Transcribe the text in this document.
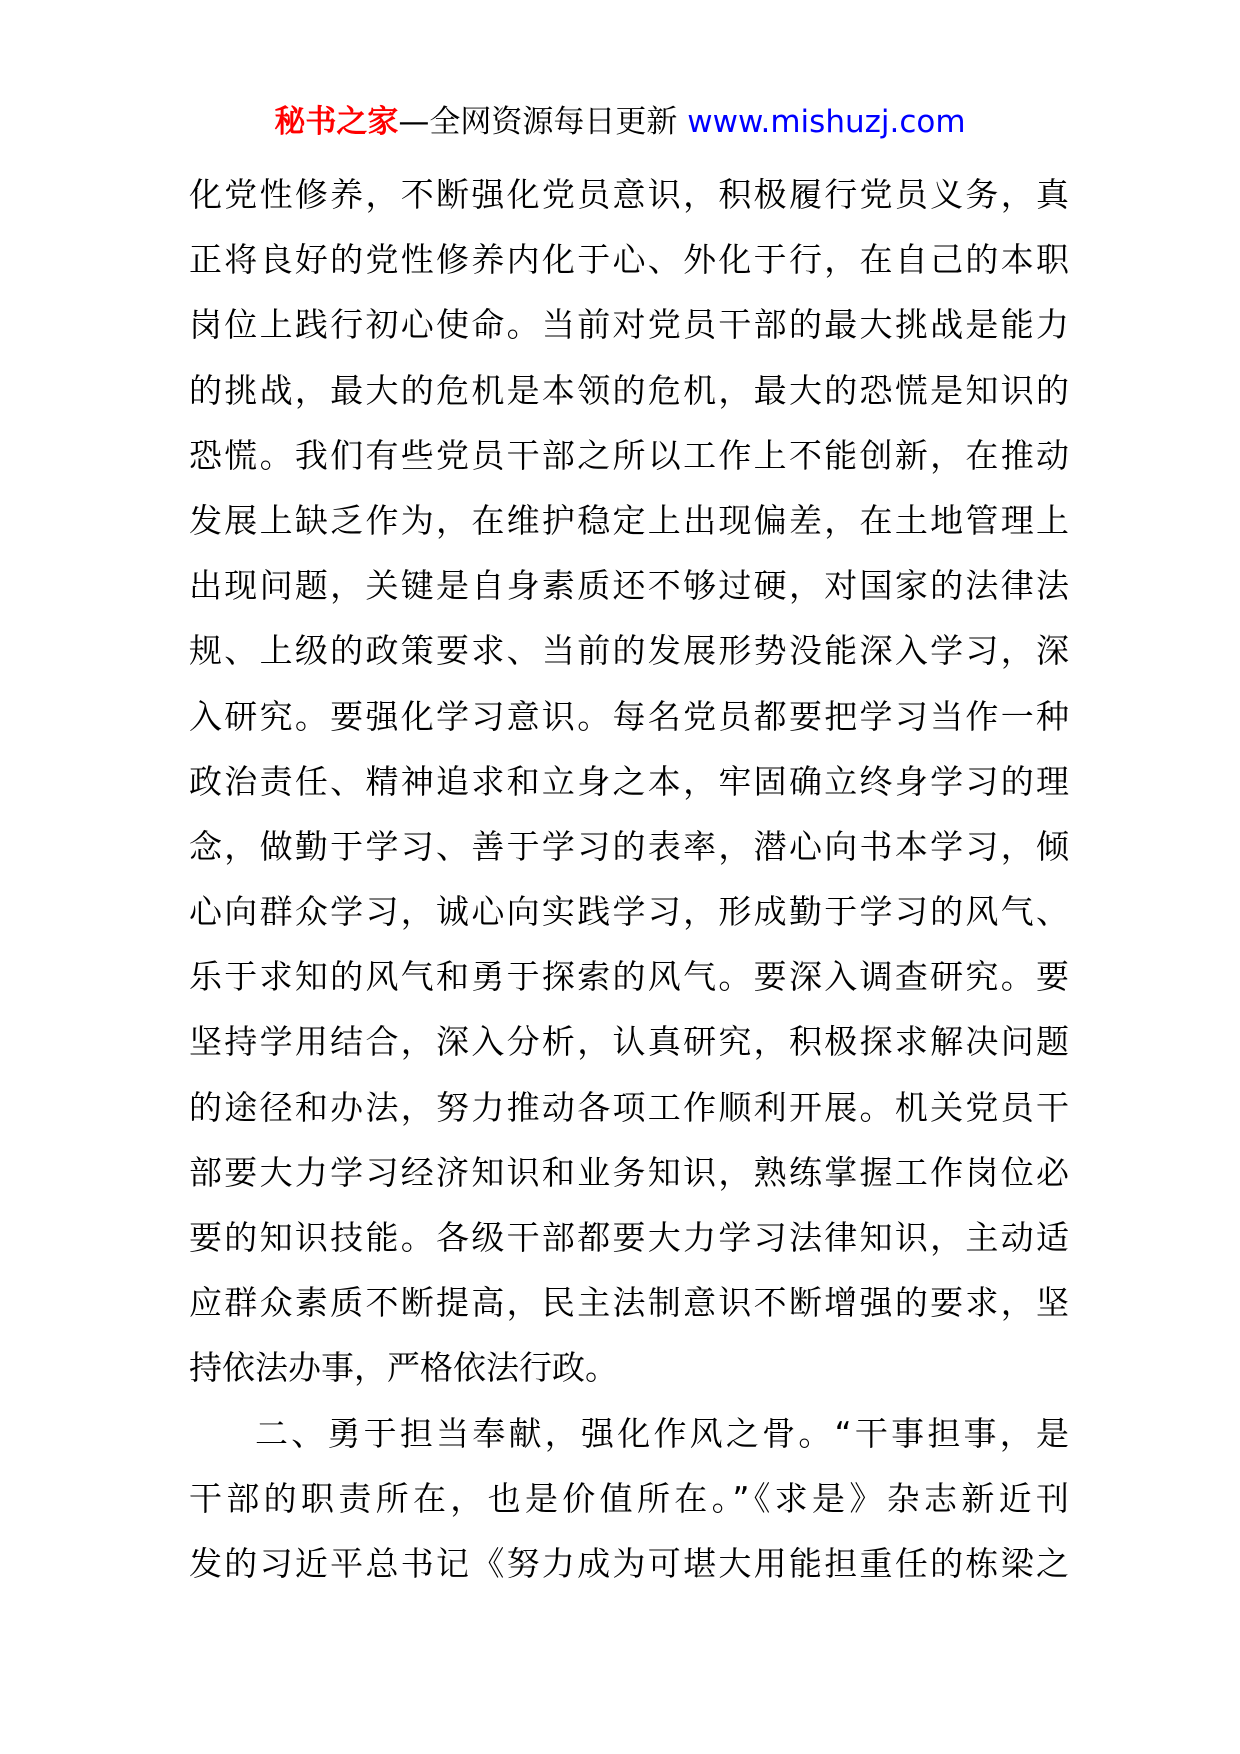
秘书之家—全网资源每日更新 www.mishuzj.com
化党性修养，不断强化党员意识，积极履行党员义务，真
正将良好的党性修养内化于心、外化于行，在自己的本职
岗位上践行初心使命。当前对党员干部的最大挑战是能力
的挑战，最大的危机是本领的危机，最大的恐慌是知识的
恐慌。我们有些党员干部之所以工作上不能创新，在推动
发展上缺乏作为，在维护稳定上出现偏差，在土地管理上
出现问题，关键是自身素质还不够过硬，对国家的法律法
规、上级的政策要求、当前的发展形势没能深入学习，深
入研究。要强化学习意识。每名党员都要把学习当作一种
政治责任、精神追求和立身之本，牢固确立终身学习的理
念，做勤于学习、善于学习的表率，潜心向书本学习，倾
心向群众学习，诚心向实践学习，形成勤于学习的风气、
乐于求知的风气和勇于探索的风气。要深入调查研究。要
坚持学用结合，深入分析，认真研究，积极探求解决问题
的途径和办法，努力推动各项工作顺利开展。机关党员干
部要大力学习经济知识和业务知识，熟练掌握工作岗位必
要的知识技能。各级干部都要大力学习法律知识，主动适
应群众素质不断提高，民主法制意识不断增强的要求，坚
持依法办事，严格依法行政。
二、勇于担当奉献，强化作风之骨。“干事担事，是
干部的职责所在，也是价值所在。”《求是》杂志新近刊
发的习近平总书记《努力成为可堪大用能担重任的栋梁之
